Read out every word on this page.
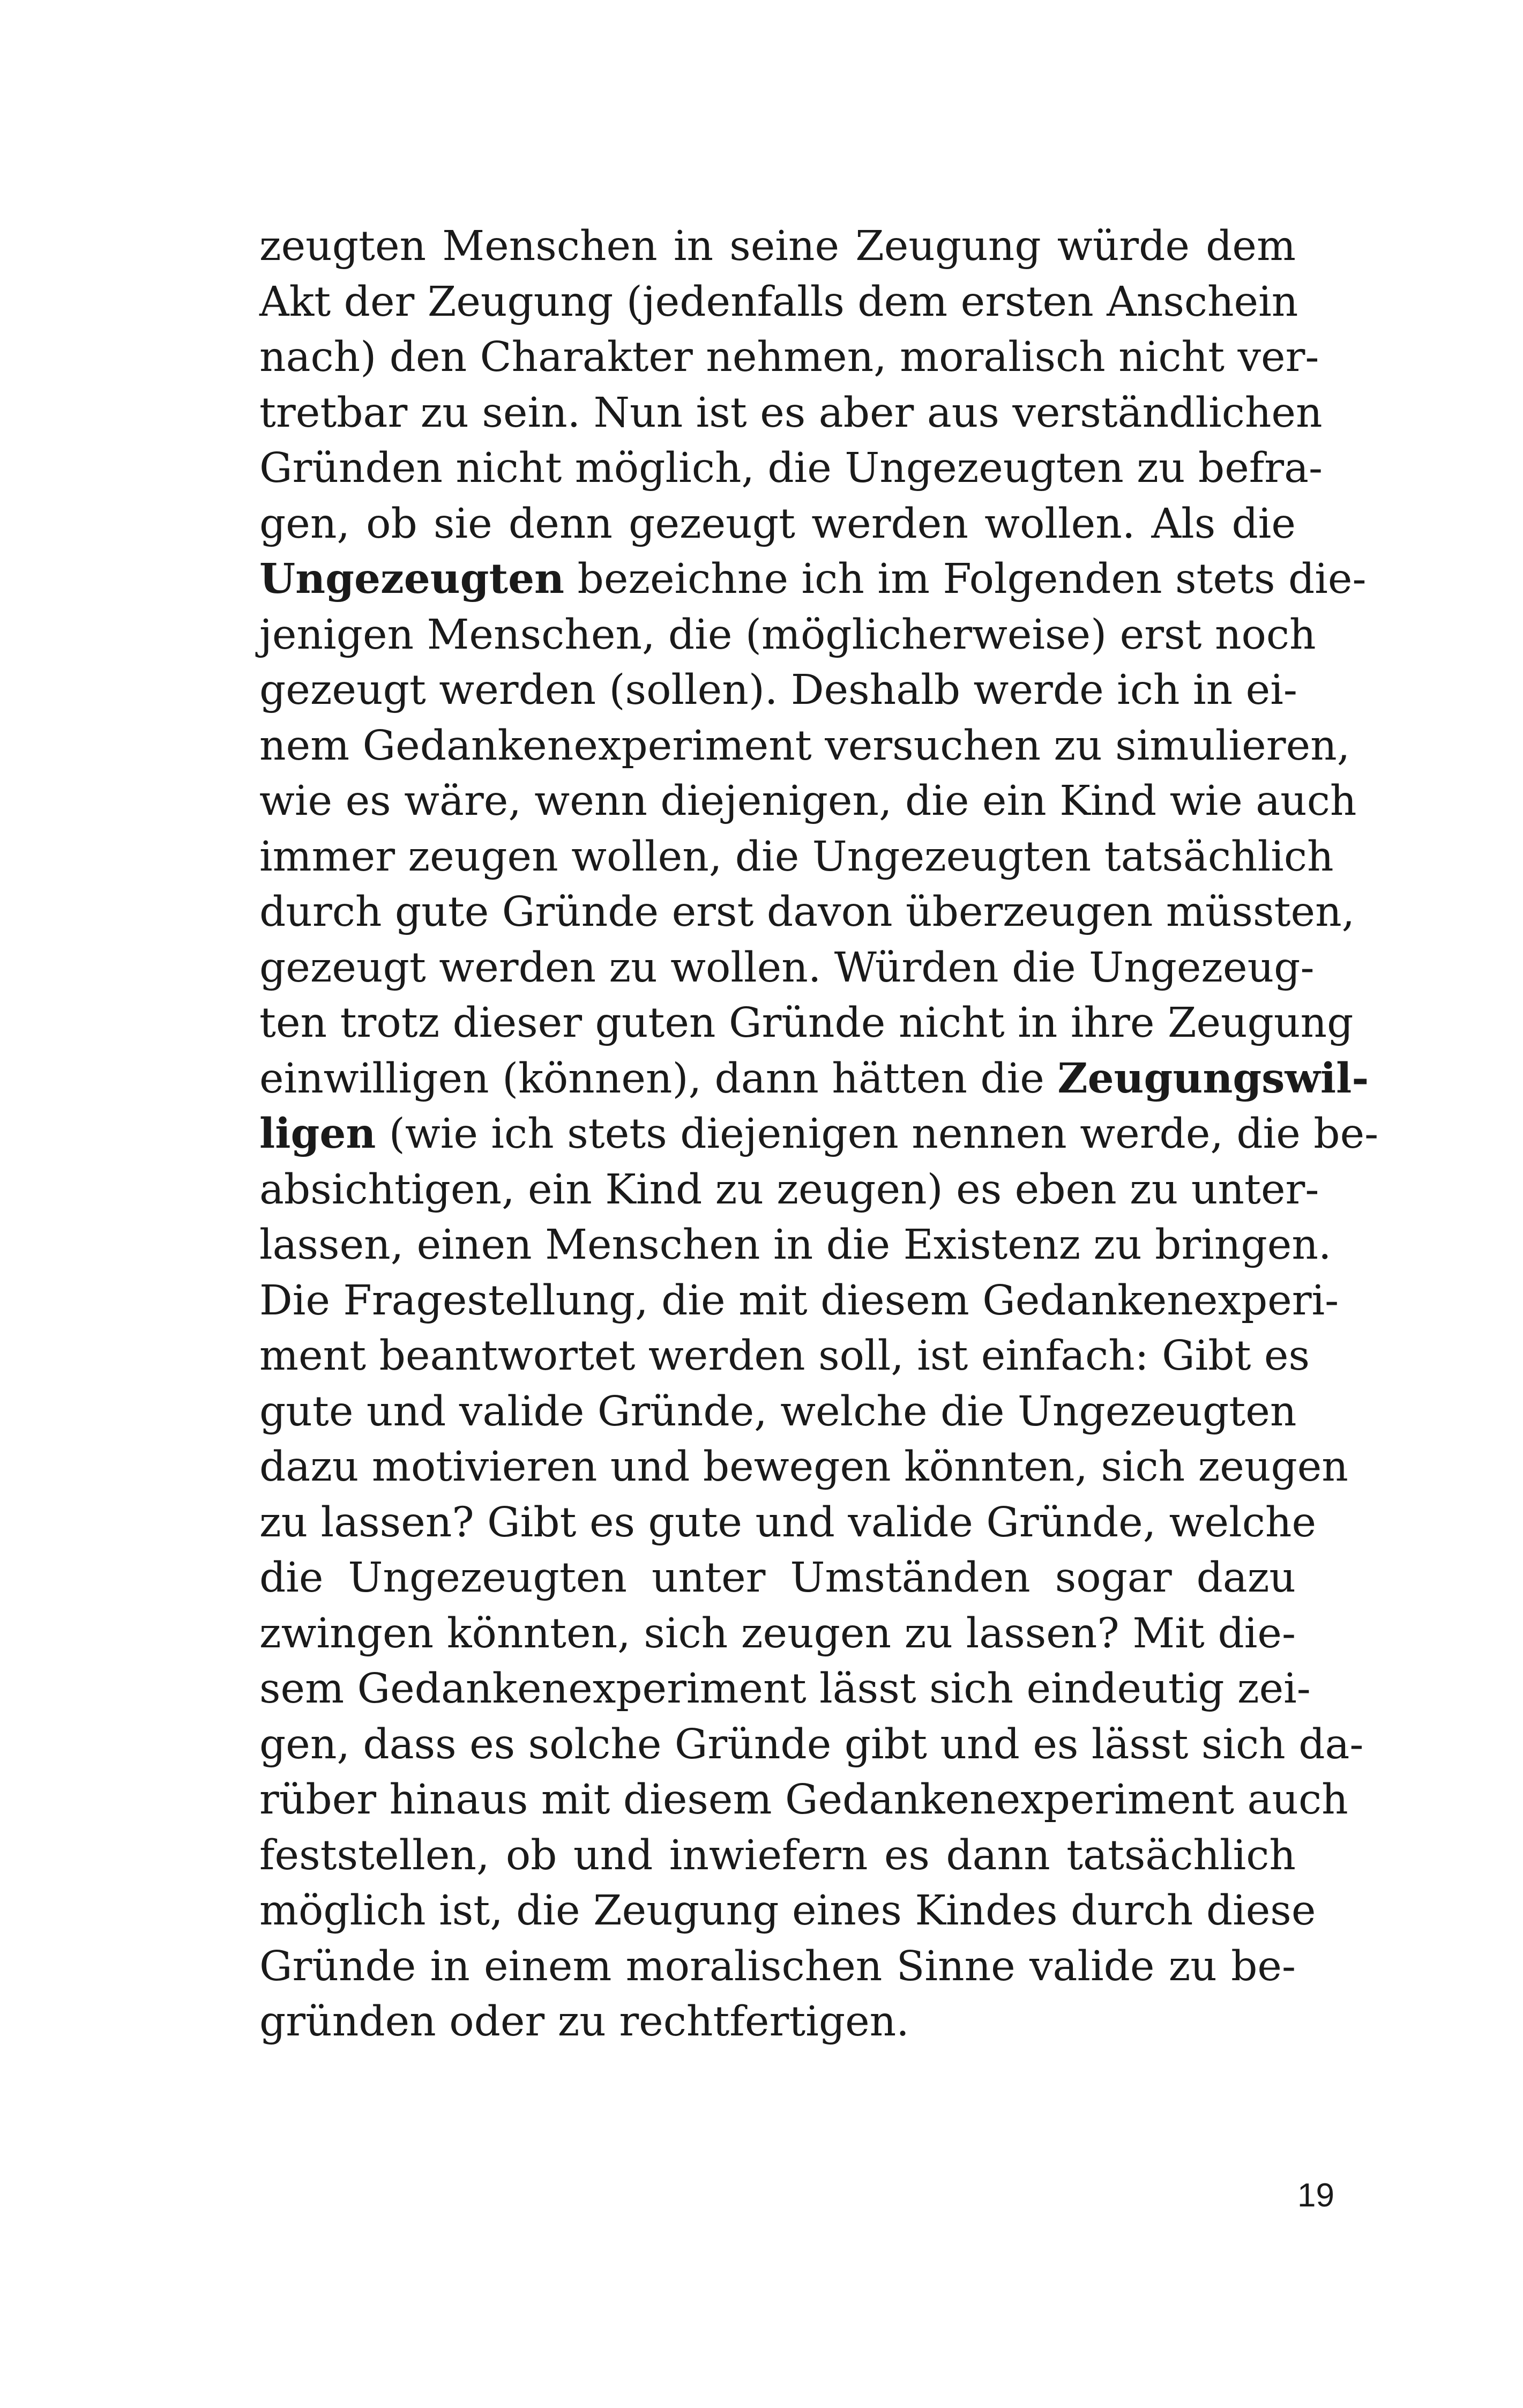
zeugten Menschen in seine Zeugung würde dem
Akt der Zeugung (jedenfalls dem ersten Anschein
nach) den Charakter nehmen, moralisch nicht ver-
tretbar zu sein. Nun ist es aber aus verständlichen
Gründen nicht möglich, die Ungezeugten zu befra-
gen, ob sie denn gezeugt werden wollen. Als die
Ungezeugten bezeichne ich im Folgenden stets die-
jenigen Menschen, die (möglicherweise) erst noch
gezeugt werden (sollen). Deshalb werde ich in ei-
nem Gedankenexperiment versuchen zu simulieren,
wie es wäre, wenn diejenigen, die ein Kind wie auch
immer zeugen wollen, die Ungezeugten tatsächlich
durch gute Gründe erst davon überzeugen müssten,
gezeugt werden zu wollen. Würden die Ungezeug-
ten trotz dieser guten Gründe nicht in ihre Zeugung
einwilligen (können), dann hätten die Zeugungswil-
ligen (wie ich stets diejenigen nennen werde, die be-
absichtigen, ein Kind zu zeugen) es eben zu unter-
lassen, einen Menschen in die Existenz zu bringen.
Die Fragestellung, die mit diesem Gedankenexperi-
ment beantwortet werden soll, ist einfach: Gibt es
gute und valide Gründe, welche die Ungezeugten
dazu motivieren und bewegen könnten, sich zeugen
zu lassen? Gibt es gute und valide Gründe, welche
die Ungezeugten unter Umständen sogar dazu
zwingen könnten, sich zeugen zu lassen? Mit die-
sem Gedankenexperiment lässt sich eindeutig zei-
gen, dass es solche Gründe gibt und es lässt sich da-
rüber hinaus mit diesem Gedankenexperiment auch
feststellen, ob und inwiefern es dann tatsächlich
möglich ist, die Zeugung eines Kindes durch diese
Gründe in einem moralischen Sinne valide zu be-
gründen oder zu rechtfertigen.
19
